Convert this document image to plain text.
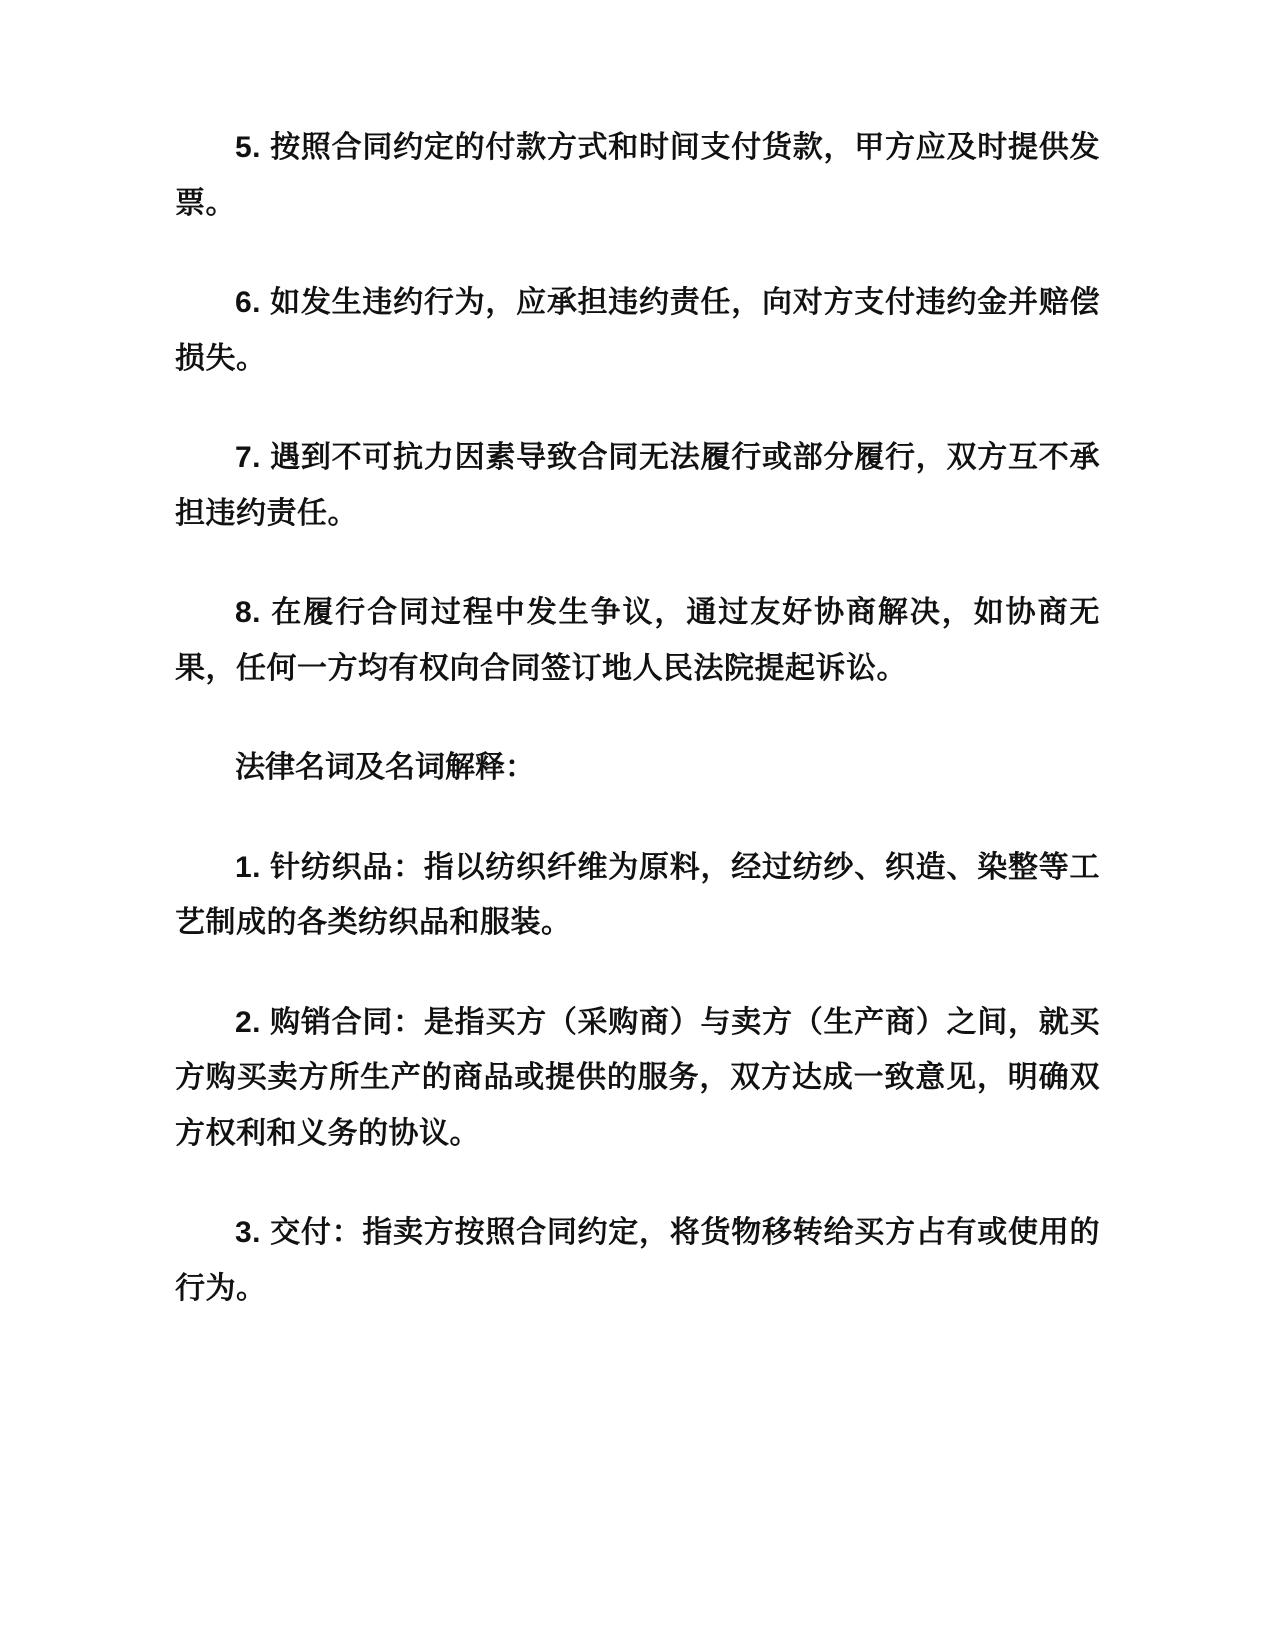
5. 按照合同约定的付款方式和时间支付货款，甲方应及时提供发票。

6. 如发生违约行为，应承担违约责任，向对方支付违约金并赔偿损失。

7. 遇到不可抗力因素导致合同无法履行或部分履行，双方互不承担违约责任。

8. 在履行合同过程中发生争议，通过友好协商解决，如协商无果，任何一方均有权向合同签订地人民法院提起诉讼。

法律名词及名词解释：

1. 针纺织品：指以纺织纤维为原料，经过纺纱、织造、染整等工艺制成的各类纺织品和服装。

2. 购销合同：是指买方（采购商）与卖方（生产商）之间，就买方购买卖方所生产的商品或提供的服务，双方达成一致意见，明确双方权利和义务的协议。

3. 交付：指卖方按照合同约定，将货物移转给买方占有或使用的行为。
